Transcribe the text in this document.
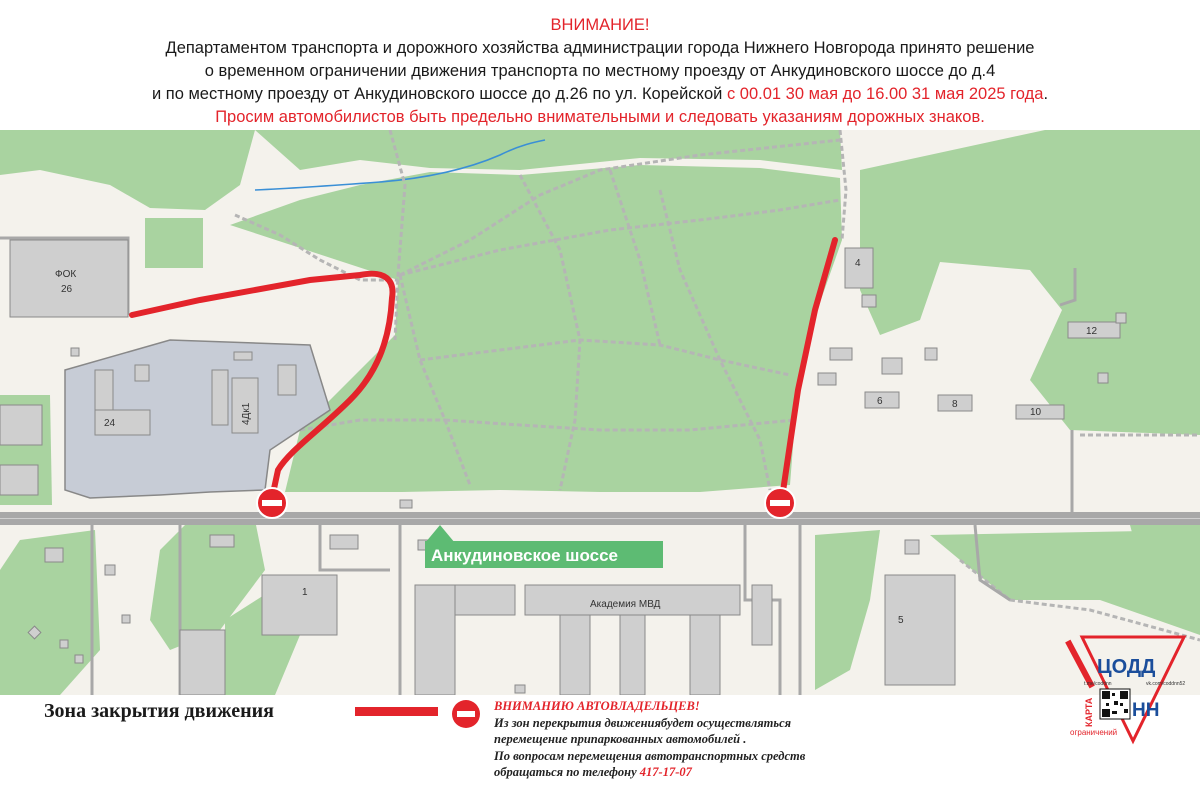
ВНИМАНИЕ!
Департаментом транспорта и дорожного хозяйства администрации города Нижнего Новгорода принято решение
о временном ограничении движения транспорта по местному проезду от Анкудиновского шоссе до д.4
и по местному проезду от Анкудиновского шоссе до д.26 по ул. Корейской с 00.01 30 мая до 16.00 31 мая 2025 года.
Просим автомобилистов быть предельно внимательными и следовать указаниям дорожных знаков.
ФОК
26
24	4Дк1
4
12
6	8
10
1
Академия МВД
5
Анкудиновское шоссе
Зона закрытия движения	ВНИМАНИЮ АВТОВЛАДЕЛЬЦЕВ!
Из зон перекрытия движениябудет осуществляться
перемещение припаркованных автомобилей .
По вопросам перемещения автотранспортных средств
обращаться по телефону 417-17-07
ЦОДД
t.me/coddnn	vk.com/coddnn52
КАРТА НН
ограничений
